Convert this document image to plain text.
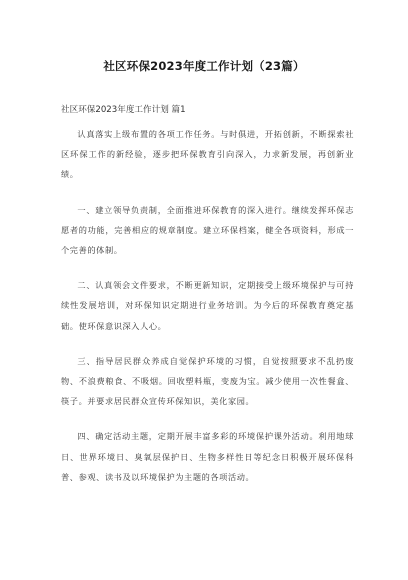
社区环保2023年度工作计划（23篇）
社区环保2023年度工作计划 篇1

认真落实上级布置的各项工作任务。与时俱进，开拓创新，不断探索社区环保工作的新经验，逐步把环保教育引向深入，力求新发展，再创新业绩。

一、建立领导负责制，全面推进环保教育的深入进行。继续发挥环保志愿者的功能，完善相应的规章制度。建立环保档案，健全各项资料，形成一个完善的体制。

二、认真领会文件要求，不断更新知识，定期接受上级环境保护与可持续性发展培训，对环保知识定期进行业务培训。为今后的环保教育奠定基础。使环保意识深入人心。

三、指导居民群众养成自觉保护环境的习惯，自觉按照要求不乱扔废物、不浪费粮食、不吸烟。回收塑料瓶，变废为宝。减少使用一次性餐盒、筷子。并要求居民群众宣传环保知识，美化家园。

四、确定活动主题，定期开展丰富多彩的环境保护课外活动。利用地球日、世界环境日、臭氧层保护日、生物多样性日等纪念日积极开展环保科普、参观、读书及以环境保护为主题的各项活动。
